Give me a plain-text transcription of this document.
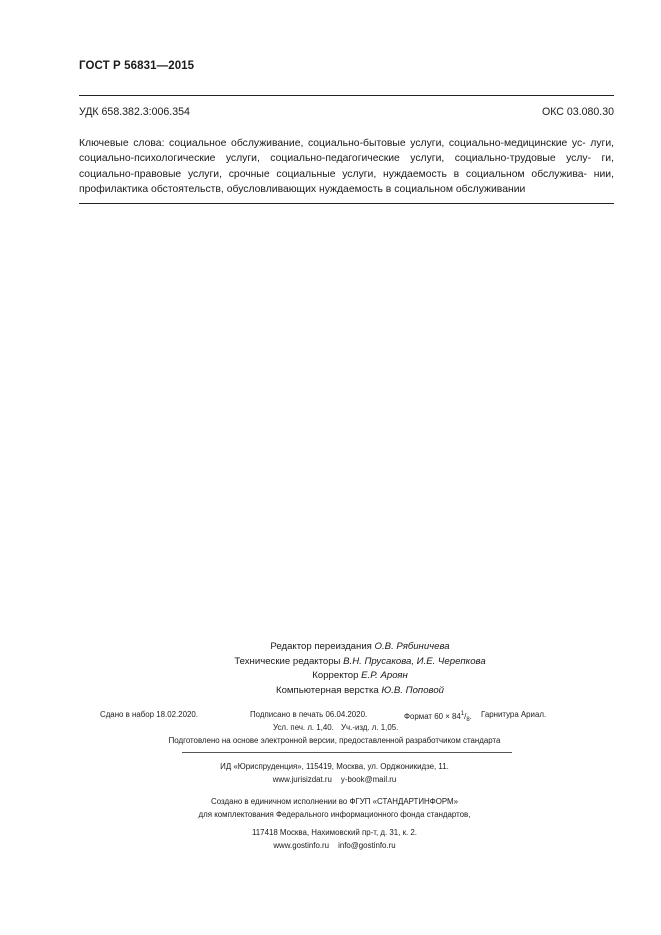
ГОСТ Р 56831—2015
УДК 658.382.3:006.354	ОКС 03.080.30
Ключевые слова: социальное обслуживание, социально-бытовые услуги, социально-медицинские ус- луги, социально-психологические услуги, социально-педагогические услуги, социально-трудовые услу- ги, социально-правовые услуги, срочные социальные услуги, нуждаемость в социальном обслужива- нии, профилактика обстоятельств, обусловливающих нуждаемость в социальном обслуживании
Редактор переиздания О.В. Рябиничева
Технические редакторы В.Н. Прусакова, И.Е. Черепкова
Корректор Е.Р. Ароян
Компьютерная верстка Ю.В. Поповой
Сдано в набор 18.02.2020.	Подписано в печать 06.04.2020.	Формат $60 \times 84^1/_8$. Гарнитура Ариал.
Усл. печ. л. 1,40. Уч.-изд. л. 1,05.
Подготовлено на основе электронной версии, предоставленной разработчиком стандарта
ИД «Юриспруденция», 115419, Москва, ул. Орджоникидзе, 11.
www.jurisizdat.ru y-book@mail.ru
Создано в единичном исполнении во ФГУП «СТАНДАРТИНФОРМ»
для комплектования Федерального информационного фонда стандартов,
117418 Москва, Нахимовский пр-т, д. 31, к. 2.
www.gostinfo.ru info@gostinfo.ru
